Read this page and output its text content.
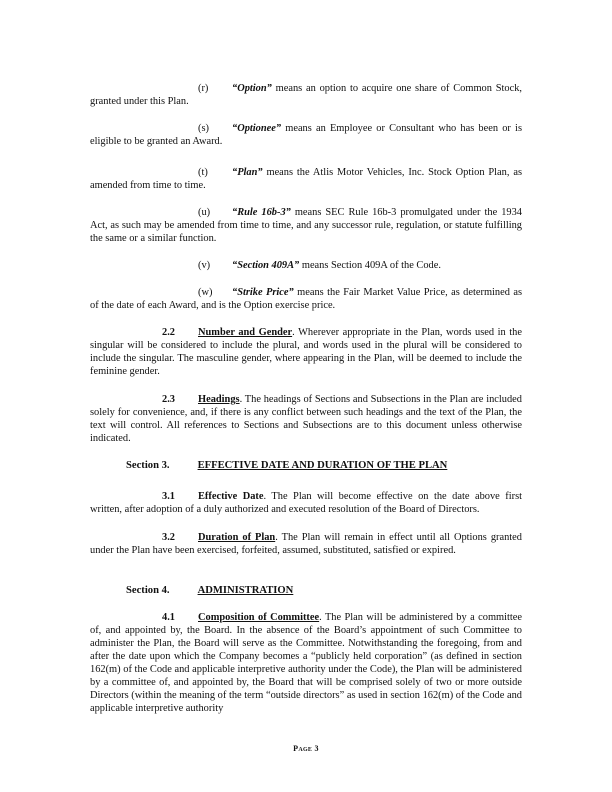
(r) “Option” means an option to acquire one share of Common Stock, granted under this Plan.

(s) “Optionee” means an Employee or Consultant who has been or is eligible to be granted an Award.

(t) “Plan” means the Atlis Motor Vehicles, Inc. Stock Option Plan, as amended from time to time.

(u) “Rule 16b-3” means SEC Rule 16b-3 promulgated under the 1934 Act, as such may be amended from time to time, and any successor rule, regulation, or statute fulfilling the same or a similar function.

(v) “Section 409A” means Section 409A of the Code.

(w) “Strike Price” means the Fair Market Value Price, as determined as of the date of each Award, and is the Option exercise price.

2.2 Number and Gender. Wherever appropriate in the Plan, words used in the singular will be considered to include the plural, and words used in the plural will be considered to include the singular. The masculine gender, where appearing in the Plan, will be deemed to include the feminine gender.

2.3 Headings. The headings of Sections and Subsections in the Plan are included solely for convenience, and, if there is any conflict between such headings and the text of the Plan, the text will control. All references to Sections and Subsections are to this document unless otherwise indicated.

Section 3.	EFFECTIVE DATE AND DURATION OF THE PLAN

3.1 Effective Date. The Plan will become effective on the date above first written, after adoption of a duly authorized and executed resolution of the Board of Directors.

3.2 Duration of Plan. The Plan will remain in effect until all Options granted under the Plan have been exercised, forfeited, assumed, substituted, satisfied or expired.

Section 4.	ADMINISTRATION

4.1 Composition of Committee. The Plan will be administered by a committee of, and appointed by, the Board. In the absence of the Board’s appointment of such Committee to administer the Plan, the Board will serve as the Committee. Notwithstanding the foregoing, from and after the date upon which the Company becomes a “publicly held corporation” (as defined in section 162(m) of the Code and applicable interpretive authority under the Code), the Plan will be administered by a committee of, and appointed by, the Board that will be comprised solely of two or more outside Directors (within the meaning of the term “outside directors” as used in section 162(m) of the Code and applicable interpretive authority

Page 3
